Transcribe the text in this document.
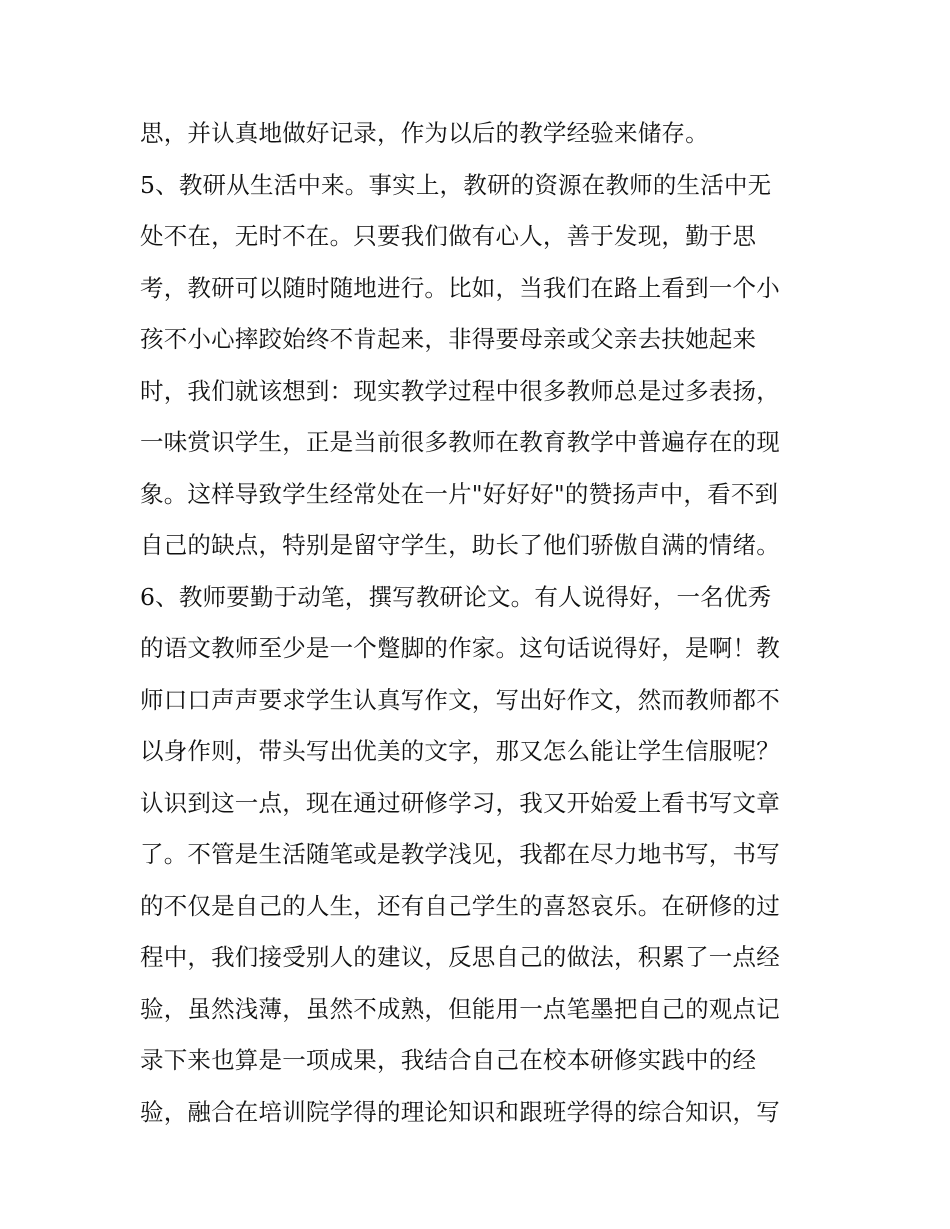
思，并认真地做好记录，作为以后的教学经验来储存。
5、教研从生活中来。事实上，教研的资源在教师的生活中无
处不在，无时不在。只要我们做有心人，善于发现，勤于思
考，教研可以随时随地进行。比如，当我们在路上看到一个小
孩不小心摔跤始终不肯起来，非得要母亲或父亲去扶她起来
时，我们就该想到：现实教学过程中很多教师总是过多表扬，
一味赏识学生，正是当前很多教师在教育教学中普遍存在的现
象。这样导致学生经常处在一片"好好好"的赞扬声中，看不到
自己的缺点，特别是留守学生，助长了他们骄傲自满的情绪。
6、教师要勤于动笔，撰写教研论文。有人说得好，一名优秀
的语文教师至少是一个蹩脚的作家。这句话说得好，是啊！教
师口口声声要求学生认真写作文，写出好作文，然而教师都不
以身作则，带头写出优美的文字，那又怎么能让学生信服呢？
认识到这一点，现在通过研修学习，我又开始爱上看书写文章
了。不管是生活随笔或是教学浅见，我都在尽力地书写，书写
的不仅是自己的人生，还有自己学生的喜怒哀乐。在研修的过
程中，我们接受别人的建议，反思自己的做法，积累了一点经
验，虽然浅薄，虽然不成熟，但能用一点笔墨把自己的观点记
录下来也算是一项成果，我结合自己在校本研修实践中的经
验，融合在培训院学得的理论知识和跟班学得的综合知识，写
